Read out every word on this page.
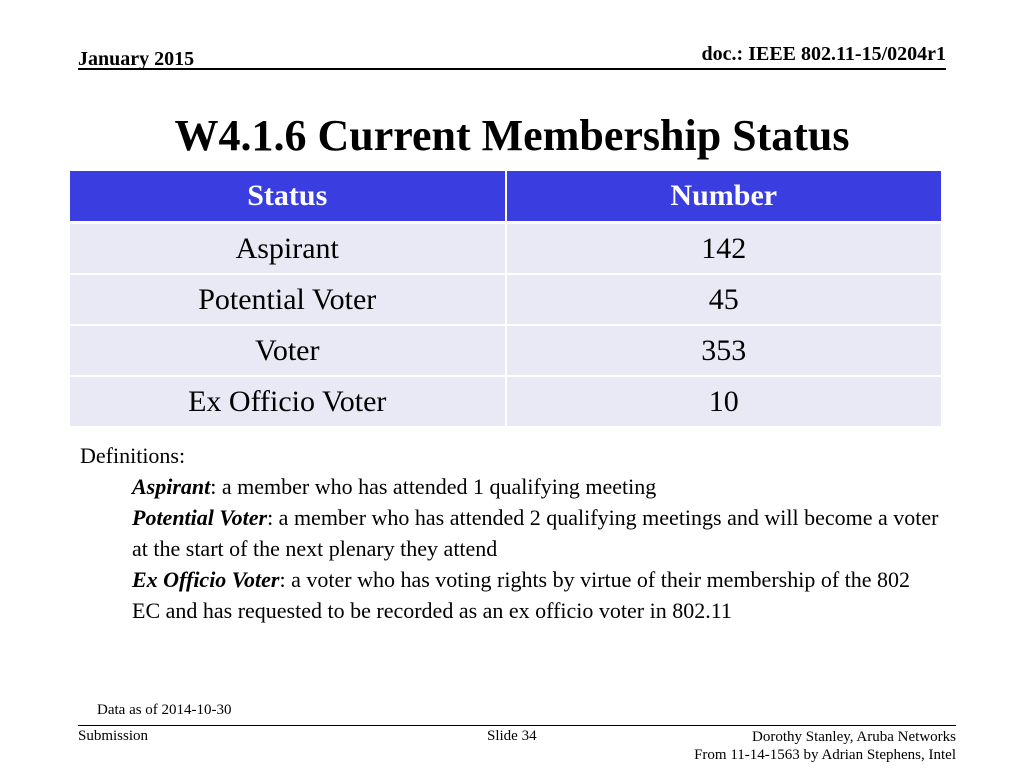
January 2015	doc.: IEEE 802.11-15/0204r1
W4.1.6 Current Membership Status
Status	Number
Aspirant	142
Potential Voter	45
Voter	353
Ex Officio Voter	10
Definitions:
Aspirant: a member who has attended 1 qualifying meeting
Potential Voter: a member who has attended 2 qualifying meetings and will become a voter at the start of the next plenary they attend
Ex Officio Voter: a voter who has voting rights by virtue of their membership of the 802 EC and has requested to be recorded as an ex officio voter in 802.11
Data as of 2014-10-30
Submission	Slide 34	Dorothy Stanley, Aruba Networks
From 11-14-1563 by Adrian Stephens, Intel
